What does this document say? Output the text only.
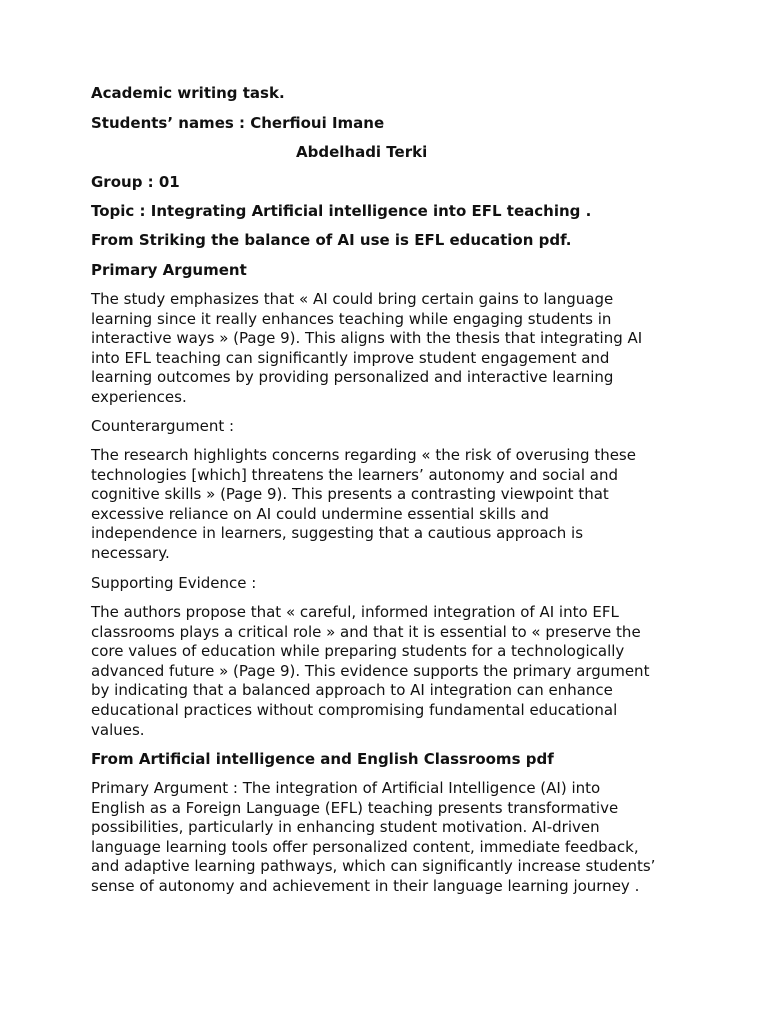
Academic writing task.
Students’ names : Cherfioui Imane
Abdelhadi Terki
Group : 01
Topic : Integrating Artificial intelligence into EFL teaching .
From Striking the balance of AI use is EFL education pdf.
Primary Argument
The study emphasizes that « AI could bring certain gains to language
learning since it really enhances teaching while engaging students in
interactive ways » (Page 9). This aligns with the thesis that integrating AI
into EFL teaching can significantly improve student engagement and
learning outcomes by providing personalized and interactive learning
experiences.
Counterargument :
The research highlights concerns regarding « the risk of overusing these
technologies [which] threatens the learners’ autonomy and social and
cognitive skills » (Page 9). This presents a contrasting viewpoint that
excessive reliance on AI could undermine essential skills and
independence in learners, suggesting that a cautious approach is
necessary.
Supporting Evidence :
The authors propose that « careful, informed integration of AI into EFL
classrooms plays a critical role » and that it is essential to « preserve the
core values of education while preparing students for a technologically
advanced future » (Page 9). This evidence supports the primary argument
by indicating that a balanced approach to AI integration can enhance
educational practices without compromising fundamental educational
values.
From Artificial intelligence and English Classrooms pdf
Primary Argument : The integration of Artificial Intelligence (AI) into
English as a Foreign Language (EFL) teaching presents transformative
possibilities, particularly in enhancing student motivation. AI-driven
language learning tools offer personalized content, immediate feedback,
and adaptive learning pathways, which can significantly increase students’
sense of autonomy and achievement in their language learning journey .
